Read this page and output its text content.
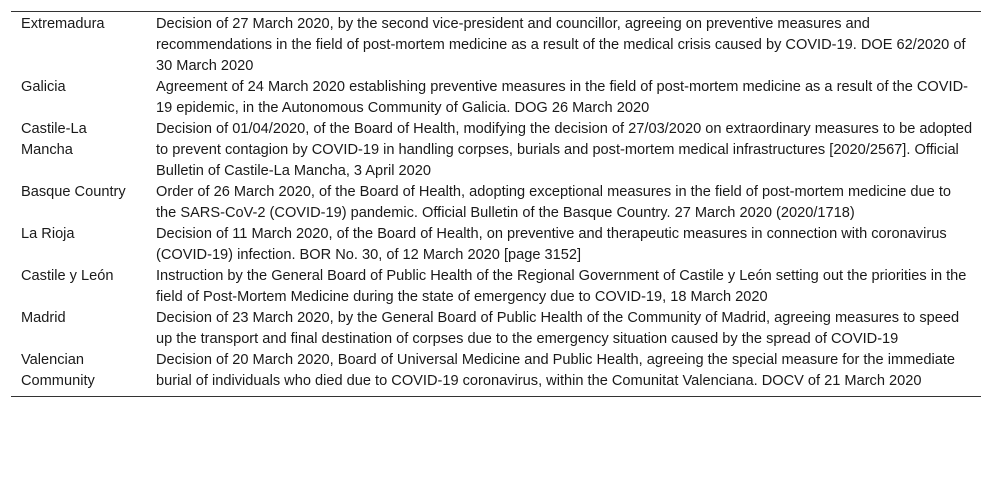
Extremadura	Decision of 27 March 2020, by the second vice-president and councillor, agreeing on preventive measures and recommendations in the field of post-mortem medicine as a result of the medical crisis caused by COVID-19. DOE 62/2020 of 30 March 2020
Galicia	Agreement of 24 March 2020 establishing preventive measures in the field of post-mortem medicine as a result of the COVID-19 epidemic, in the Autonomous Community of Galicia. DOG 26 March 2020
Castile-La Mancha	Decision of 01/04/2020, of the Board of Health, modifying the decision of 27/03/2020 on extraordinary measures to be adopted to prevent contagion by COVID-19 in handling corpses, burials and post-mortem medical infrastructures [2020/2567]. Official Bulletin of Castile-La Mancha, 3 April 2020
Basque Country	Order of 26 March 2020, of the Board of Health, adopting exceptional measures in the field of post-mortem medicine due to the SARS-CoV-2 (COVID-19) pandemic. Official Bulletin of the Basque Country. 27 March 2020 (2020/1718)
La Rioja	Decision of 11 March 2020, of the Board of Health, on preventive and therapeutic measures in connection with coronavirus (COVID-19) infection. BOR No. 30, of 12 March 2020 [page 3152]
Castile y León	Instruction by the General Board of Public Health of the Regional Government of Castile y León setting out the priorities in the field of Post-Mortem Medicine during the state of emergency due to COVID-19, 18 March 2020
Madrid	Decision of 23 March 2020, by the General Board of Public Health of the Community of Madrid, agreeing measures to speed up the transport and final destination of corpses due to the emergency situation caused by the spread of COVID-19
Valencian Community	Decision of 20 March 2020, Board of Universal Medicine and Public Health, agreeing the special measure for the immediate burial of individuals who died due to COVID-19 coronavirus, within the Comunitat Valenciana. DOCV of 21 March 2020
